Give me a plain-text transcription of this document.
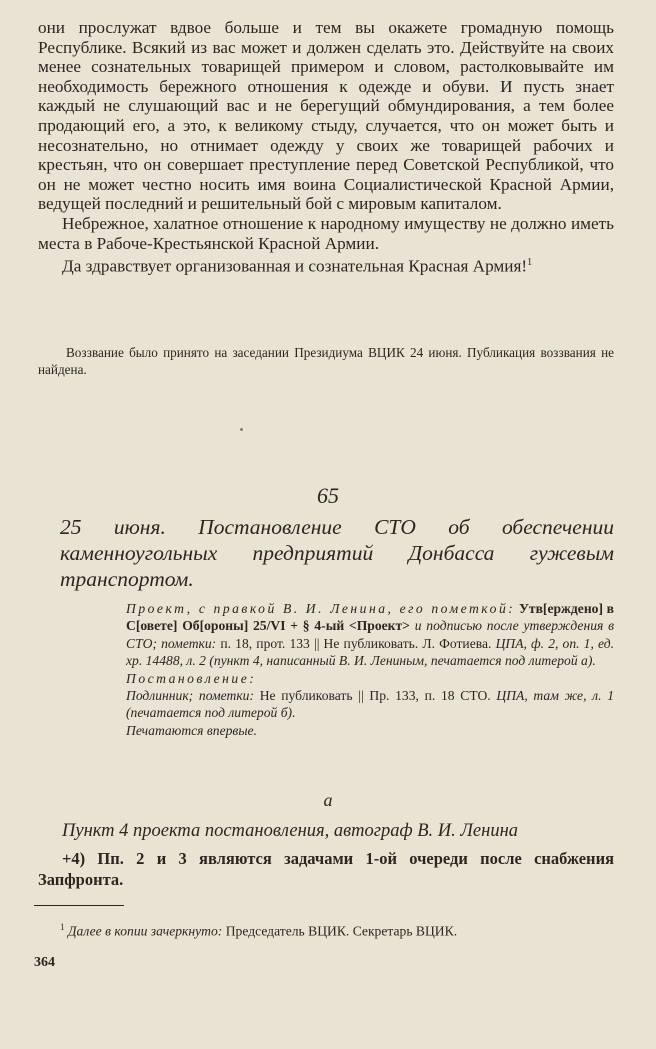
они прослужат вдвое больше и тем вы окажете громадную помощь Республике. Всякий из вас может и должен сделать это. Действуйте на своих менее сознательных товарищей примером и словом, растолковывайте им необходимость бережного отношения к одежде и обуви. И пусть знает каждый не слушающий вас и не берегущий обмундирования, а тем более продающий его, а это, к великому стыду, случается, что он может быть и несознательно, но отнимает одежду у своих же товарищей рабочих и крестьян, что он совершает преступление перед Советской Республикой, что он не может честно носить имя воина Социалистической Красной Армии, ведущей последний и решительный бой с мировым капиталом.

Небрежное, халатное отношение к народному имуществу не должно иметь места в Рабоче-Крестьянской Красной Армии.

Да здравствует организованная и сознательная Красная Армия!$^1$

Воззвание было принято на заседании Президиума ВЦИК 24 июня. Публикация воззвания не найдена.
65
25 июня. Постановление СТО об обеспечении каменноугольных предприятий Донбасса гужевым транспортом.

Проект, с правкой В. И. Ленина, его пометкой: Утв[ерждено] в С[овете] Об[ороны] 25/VI + § 4-ый <Проект> и подписью после утверждения в СТО; пометки: п. 18, прот. 133 || Не публиковать. Л. Фотиева. ЦПА, ф. 2, оп. 1, ед. хр. 14488, л. 2 (пункт 4, написанный В. И. Лениным, печатается под литерой а).

Постановление:

Подлинник; пометки: Не публиковать || Пр. 133, п. 18 СТО. ЦПА, там же, л. 1 (печатается под литерой б).

Печатаются впервые.

а
Пункт 4 проекта постановления, автограф В. И. Ленина
+4) Пп. 2 и 3 являются задачами 1-ой очереди после снабжения Запфронта.
$^1$ Далее в копии зачеркнуто: Председатель ВЦИК. Секретарь ВЦИК.
364
